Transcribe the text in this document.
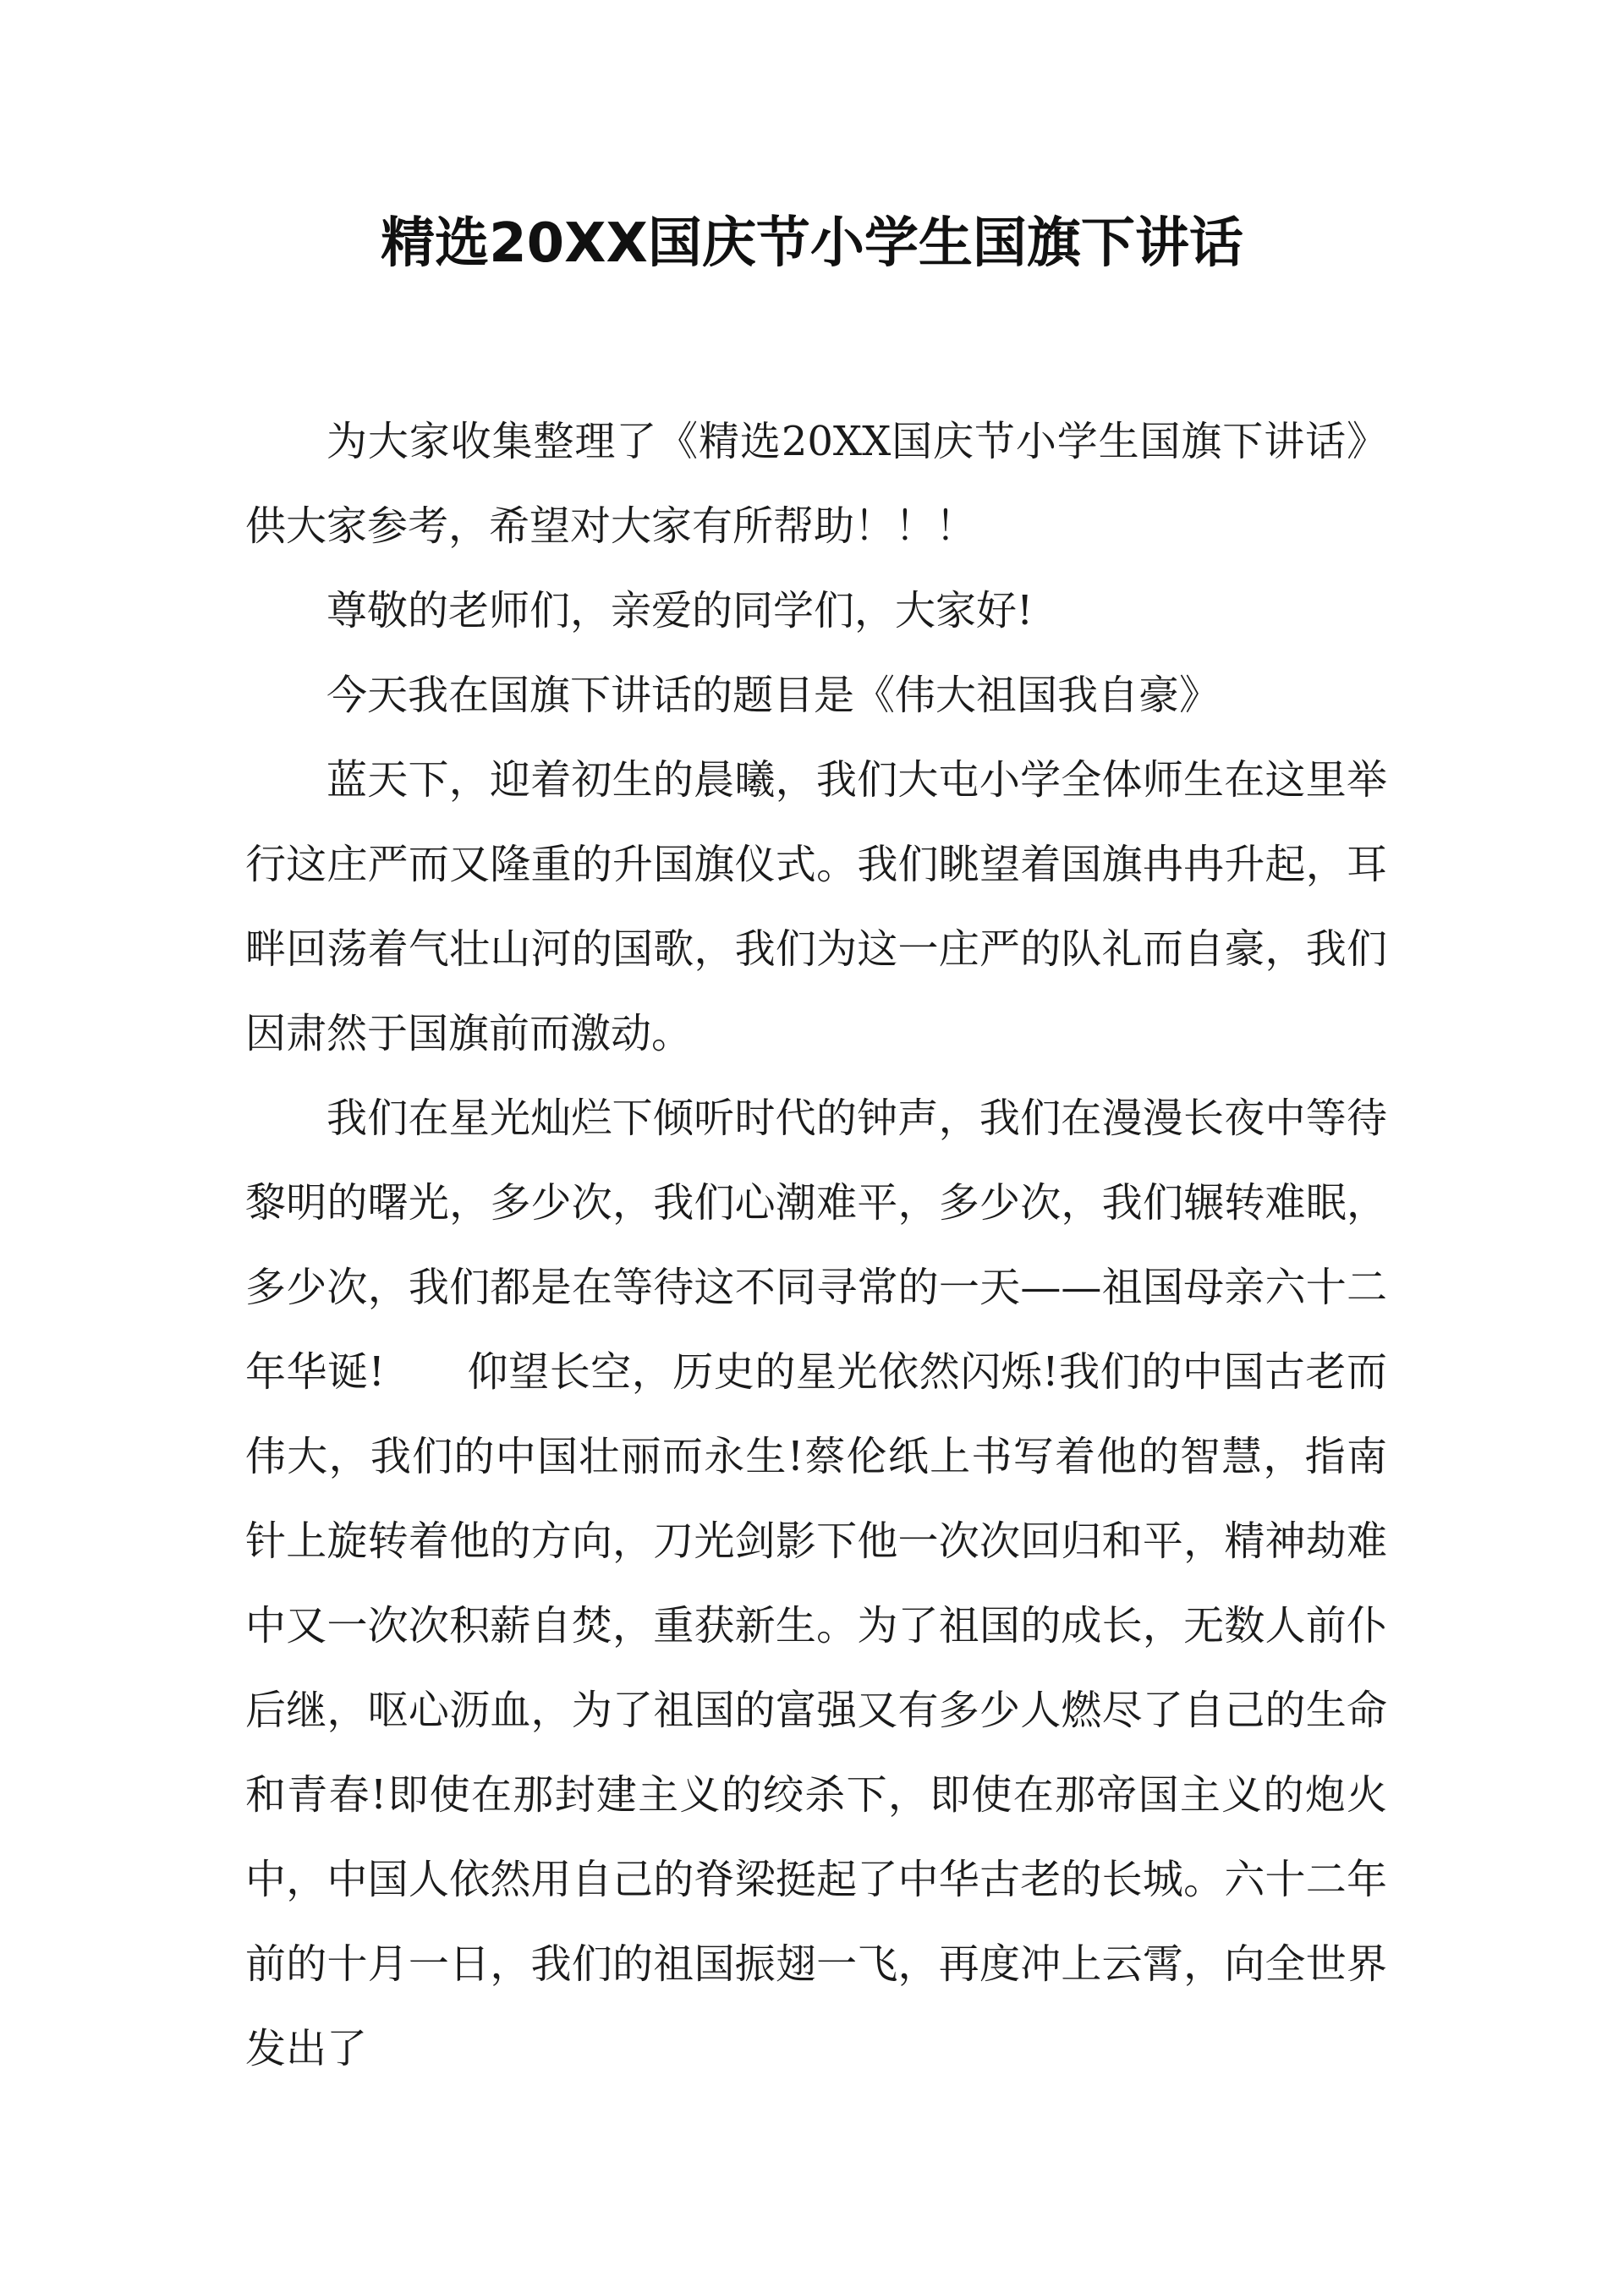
精选20XX国庆节小学生国旗下讲话

为大家收集整理了《精选20XX国庆节小学生国旗下讲话》供大家参考，希望对大家有所帮助！！！

尊敬的老师们，亲爱的同学们，大家好!

今天我在国旗下讲话的题目是《伟大祖国我自豪》

蓝天下，迎着初生的晨曦，我们大屯小学全体师生在这里举行这庄严而又隆重的升国旗仪式。我们眺望着国旗冉冉升起，耳畔回荡着气壮山河的国歌，我们为这一庄严的队礼而自豪，我们因肃然于国旗前而激动。

我们在星光灿烂下倾听时代的钟声，我们在漫漫长夜中等待黎明的曙光，多少次，我们心潮难平，多少次，我们辗转难眠，多少次，我们都是在等待这不同寻常的一天——祖国母亲六十二年华诞!　　仰望长空，历史的星光依然闪烁!我们的中国古老而伟大，我们的中国壮丽而永生!蔡伦纸上书写着他的智慧，指南针上旋转着他的方向，刀光剑影下他一次次回归和平，精神劫难中又一次次积薪自焚，重获新生。为了祖国的成长，无数人前仆后继，呕心沥血，为了祖国的富强又有多少人燃尽了自己的生命和青春!即使在那封建主义的绞杀下，即使在那帝国主义的炮火中，中国人依然用自己的脊梁挺起了中华古老的长城。六十二年前的十月一日，我们的祖国振翅一飞，再度冲上云霄，向全世界发出了
